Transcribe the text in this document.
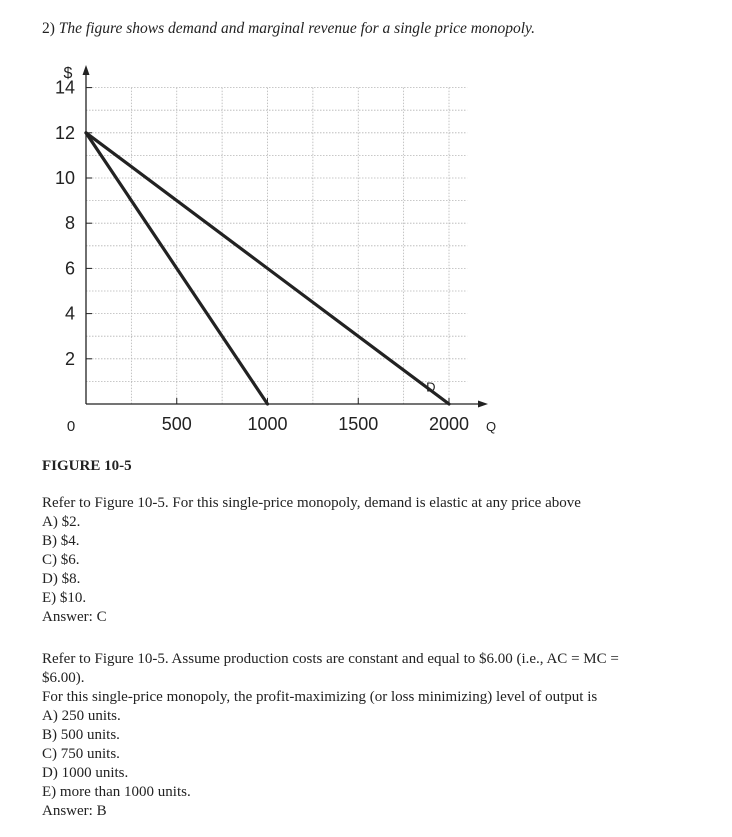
2) The figure shows demand and marginal revenue for a single price monopoly.
2
4
6
8
10
12
14
$
500	1000	1500	2000
0	Q
D
FIGURE 10-5
Refer to Figure 10-5. For this single-price monopoly, demand is elastic at any price above
A) $2.
B) $4.
C) $6.
D) $8.
E) $10.
Answer: C
Refer to Figure 10-5. Assume production costs are constant and equal to $6.00 (i.e., AC = MC =
$6.00).
For this single-price monopoly, the profit-maximizing (or loss minimizing) level of output is
A) 250 units.
B) 500 units.
C) 750 units.
D) 1000 units.
E) more than 1000 units.
Answer: B
